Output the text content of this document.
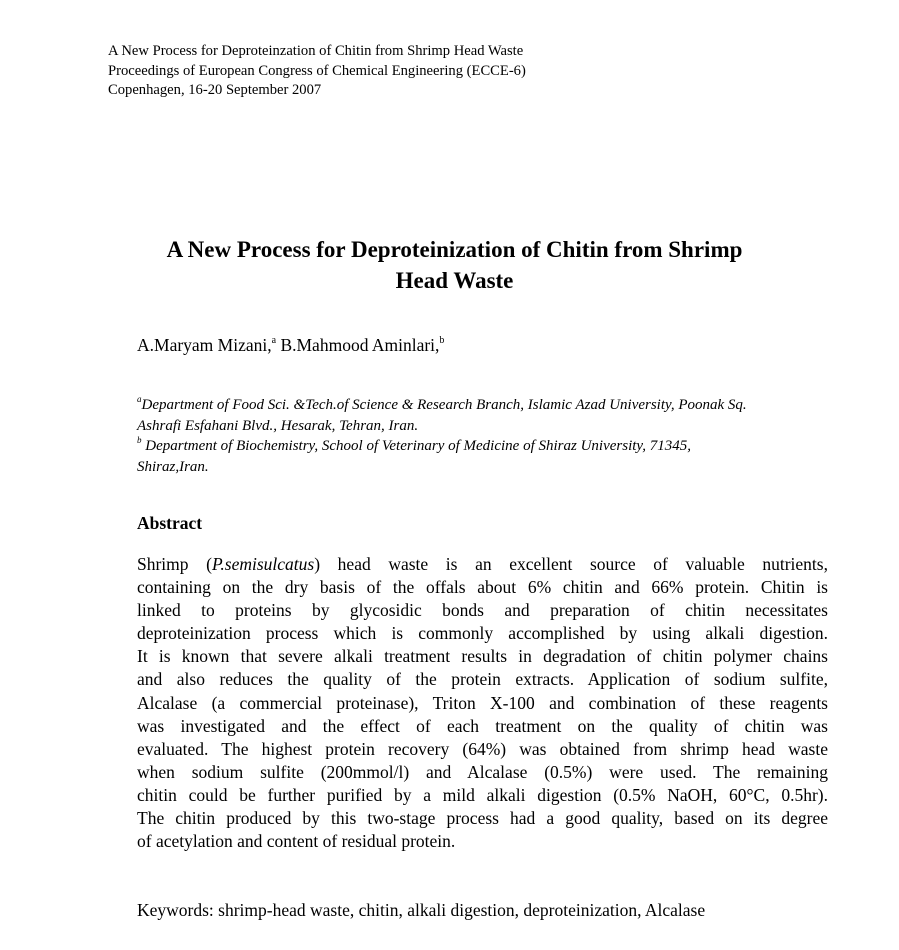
A New Process for Deproteinzation of Chitin from Shrimp Head Waste
Proceedings of European Congress of Chemical Engineering (ECCE-6)
Copenhagen, 16-20 September 2007
A New Process for Deproteinization of Chitin from Shrimp
Head Waste
A.Maryam Mizani,$^a$ B.Mahmood Aminlari,$^b$
$^a$Department of Food Sci. &Tech.of Science & Research Branch, Islamic Azad University, Poonak Sq.
Ashrafi Esfahani Blvd., Hesarak, Tehran, Iran.
$^b$ Department of Biochemistry, School of Veterinary of Medicine of Shiraz University, 71345,
Shiraz,Iran.
Abstract
Shrimp (P.semisulcatus) head waste is an excellent source of valuable nutrients,
containing on the dry basis of the offals about 6% chitin and 66% protein. Chitin is
linked to proteins by glycosidic bonds and preparation of chitin necessitates
deproteinization process which is commonly accomplished by using alkali digestion.
It is known that severe alkali treatment results in degradation of chitin polymer chains
and also reduces the quality of the protein extracts. Application of sodium sulfite,
Alcalase (a commercial proteinase), Triton X-100 and combination of these reagents
was investigated and the effect of each treatment on the quality of chitin was
evaluated. The highest protein recovery (64%) was obtained from shrimp head waste
when sodium sulfite (200mmol/l) and Alcalase (0.5%) were used. The remaining
chitin could be further purified by a mild alkali digestion (0.5% NaOH, 60°C, 0.5hr).
The chitin produced by this two-stage process had a good quality, based on its degree
of acetylation and content of residual protein.
Keywords: shrimp-head waste, chitin, alkali digestion, deproteinization, Alcalase
